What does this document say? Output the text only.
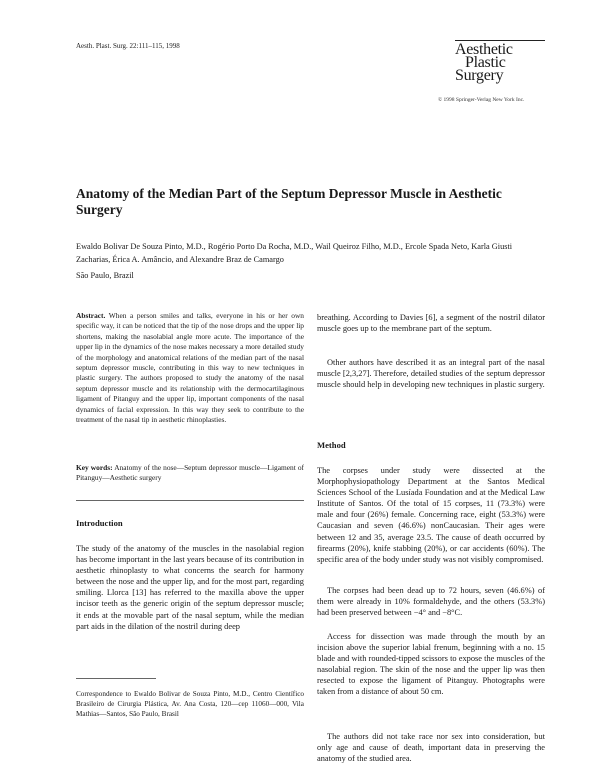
Aesth. Plast. Surg. 22:111–115, 1998	Aesthetic
Plastic
Surgery
© 1998 Springer-Verlag New York Inc.
Anatomy of the Median Part of the Septum Depressor Muscle in Aesthetic Surgery
Ewaldo Bolivar De Souza Pinto, M.D., Rogério Porto Da Rocha, M.D., Wail Queiroz Filho, M.D., Ercole Spada Neto, Karla Giusti Zacharias, Érica A. Amâncio, and Alexandre Braz de Camargo
São Paulo, Brazil
Abstract. When a person smiles and talks, everyone in his or her own specific way, it can be noticed that the tip of the nose drops and the upper lip shortens, making the nasolabial angle more acute. The importance of the upper lip in the dynamics of the nose makes necessary a more detailed study of the morphology and anatomical relations of the median part of the nasal septum depressor muscle, contributing in this way to new techniques in plastic surgery. The authors proposed to study the anatomy of the nasal septum depressor muscle and its relationship with the dermocartilaginous ligament of Pitanguy and the upper lip, important components of the nasal dynamics of facial expression. In this way they seek to contribute to the treatment of the nasal tip in aesthetic rhinoplasties.
Key words: Anatomy of the nose—Septum depressor muscle—Ligament of Pitanguy—Aesthetic surgery
Introduction
The study of the anatomy of the muscles in the nasolabial region has become important in the last years because of its contribution in aesthetic rhinoplasty to what concerns the search for harmony between the nose and the upper lip, and for the most part, regarding smiling. Llorca [13] has referred to the maxilla above the upper incisor teeth as the generic origin of the septum depressor muscle; it ends at the movable part of the nasal septum, while the median part aids in the dilation of the nostril during deep
Correspondence to Ewaldo Bolivar de Souza Pinto, M.D., Centro Científico Brasileiro de Cirurgia Plástica, Av. Ana Costa, 120—cep 11060—000, Vila Mathias—Santos, São Paulo, Brasil
breathing. According to Davies [6], a segment of the nostril dilator muscle goes up to the membrane part of the septum.

Other authors have described it as an integral part of the nasal muscle [2,3,27]. Therefore, detailed studies of the septum depressor muscle should help in developing new techniques in plastic surgery.

Method
The corpses under study were dissected at the Morphophysiopathology Department at the Santos Medical Sciences School of the Lusíada Foundation and at the Medical Law Institute of Santos. Of the total of 15 corpses, 11 (73.3%) were male and four (26%) female. Concerning race, eight (53.3%) were Caucasian and seven (46.6%) nonCaucasian. Their ages were between 12 and 35, average 23.5. The cause of death occurred by firearms (20%), knife stabbing (20%), or car accidents (60%). The specific area of the body under study was not visibly compromised.

The corpses had been dead up to 72 hours, seven (46.6%) of them were already in 10% formaldehyde, and the others (53.3%) had been preserved between −4° and −8°C.

Access for dissection was made through the mouth by an incision above the superior labial frenum, beginning with a no. 15 blade and with rounded-tipped scissors to expose the muscles of the nasolabial region. The skin of the nose and the upper lip was then resected to expose the ligament of Pitanguy. Photographs were taken from a distance of about 50 cm.

The authors did not take race nor sex into consideration, but only age and cause of death, important data in preserving the anatomy of the studied area.
